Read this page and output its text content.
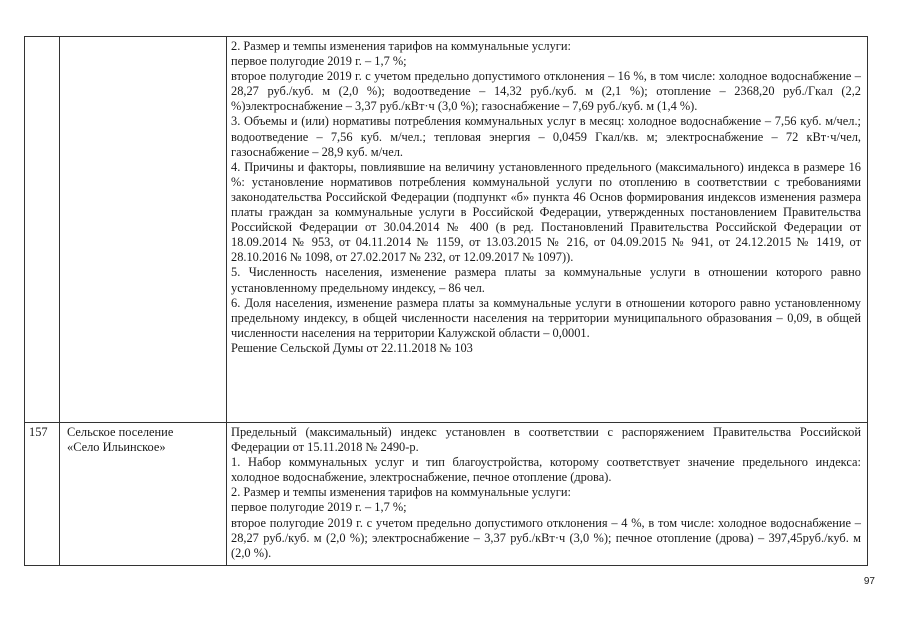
2. Размер и темпы изменения тарифов на коммунальные услуги:

первое полугодие 2019 г. – 1,7 %;

второе полугодие 2019 г. с учетом предельно допустимого отклонения – 16 %, в том числе: холодное водоснабжение – 28,27 руб./куб. м (2,0 %); водоотведение – 14,32 руб./куб. м (2,1 %); отопление – 2368,20 руб./Гкал (2,2 %)электроснабжение – 3,37 руб./кВт·ч (3,0 %); газоснабжение – 7,69 руб./куб. м (1,4 %).

3. Объемы и (или) нормативы потребления коммунальных услуг в месяц: холодное водоснабжение – 7,56 куб. м/чел.; водоотведение – 7,56 куб. м/чел.; тепловая энергия – 0,0459 Гкал/кв. м; электроснабжение – 72 кВт·ч/чел, газоснабжение – 28,9 куб. м/чел.

4. Причины и факторы, повлиявшие на величину установленного предельного (максимального) индекса в размере 16 %: установление нормативов потребления коммунальной услуги по отоплению в соответствии с требованиями законодательства Российской Федерации (подпункт «б» пункта 46 Основ формирования индексов изменения размера платы граждан за коммунальные услуги в Российской Федерации, утвержденных постановлением Правительства Российской Федерации от 30.04.2014 № 400 (в ред. Постановлений Правительства Российской Федерации от 18.09.2014 № 953, от 04.11.2014 № 1159, от 13.03.2015 № 216, от 04.09.2015 № 941, от 24.12.2015 № 1419, от 28.10.2016 № 1098, от 27.02.2017 № 232, от 12.09.2017 № 1097)).

5. Численность населения, изменение размера платы за коммунальные услуги в отношении которого равно установленному предельному индексу, – 86 чел.

6. Доля населения, изменение размера платы за коммунальные услуги в отношении которого равно установленному предельному индексу, в общей численности населения на территории муниципального образования – 0,09, в общей численности населения на территории Калужской области – 0,0001.

Решение Сельской Думы от 22.11.2018 № 103

157	Сельское поселение
«Село Ильинское»

Предельный (максимальный) индекс установлен в соответствии с распоряжением Правительства Российской Федерации от 15.11.2018 № 2490-р.

1. Набор коммунальных услуг и тип благоустройства, которому соответствует значение предельного индекса: холодное водоснабжение, электроснабжение, печное отопление (дрова).

2. Размер и темпы изменения тарифов на коммунальные услуги:

первое полугодие 2019 г. – 1,7 %;

второе полугодие 2019 г. с учетом предельно допустимого отклонения – 4 %, в том числе: холодное водоснабжение – 28,27 руб./куб. м (2,0 %); электроснабжение – 3,37 руб./кВт·ч (3,0 %); печное отопление (дрова) – 397,45руб./куб. м (2,0 %).

97
